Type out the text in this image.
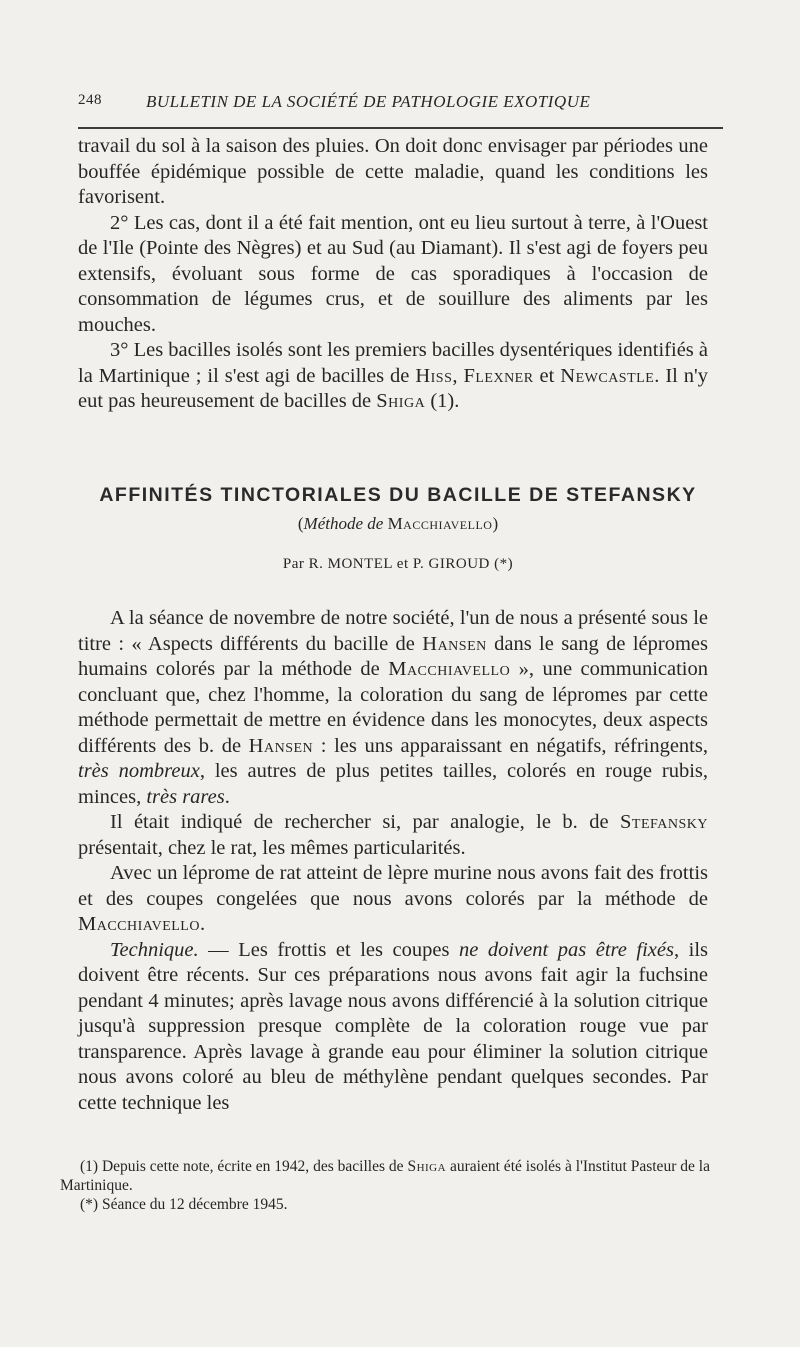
248	BULLETIN DE LA SOCIÉTÉ DE PATHOLOGIE EXOTIQUE

travail du sol à la saison des pluies. On doit donc envisager par périodes une bouffée épidémique possible de cette maladie, quand les conditions les favorisent.

2° Les cas, dont il a été fait mention, ont eu lieu surtout à terre, à l'Ouest de l'Ile (Pointe des Nègres) et au Sud (au Diamant). Il s'est agi de foyers peu extensifs, évoluant sous forme de cas sporadiques à l'occasion de consommation de légumes crus, et de souillure des aliments par les mouches.

3° Les bacilles isolés sont les premiers bacilles dysentériques identifiés à la Martinique ; il s'est agi de bacilles de Hiss, Flexner et Newcastle. Il n'y eut pas heureusement de bacilles de Shiga (1).

AFFINITÉS TINCTORIALES DU BACILLE DE STEFANSKY
(Méthode de Macchiavello)
Par R. MONTEL et P. GIROUD (*)

A la séance de novembre de notre société, l'un de nous a présenté sous le titre : « Aspects différents du bacille de Hansen dans le sang de lépromes humains colorés par la méthode de Macchiavello », une communication concluant que, chez l'homme, la coloration du sang de lépromes par cette méthode permettait de mettre en évidence dans les monocytes, deux aspects différents des b. de Hansen : les uns apparaissant en négatifs, réfringents, très nombreux, les autres de plus petites tailles, colorés en rouge rubis, minces, très rares.

Il était indiqué de rechercher si, par analogie, le b. de Stefansky présentait, chez le rat, les mêmes particularités.

Avec un léprome de rat atteint de lèpre murine nous avons fait des frottis et des coupes congelées que nous avons colorés par la méthode de Macchiavello.

Technique. — Les frottis et les coupes ne doivent pas être fixés, ils doivent être récents. Sur ces préparations nous avons fait agir la fuchsine pendant 4 minutes; après lavage nous avons différencié à la solution citrique jusqu'à suppression presque complète de la coloration rouge vue par transparence. Après lavage à grande eau pour éliminer la solution citrique nous avons coloré au bleu de méthylène pendant quelques secondes. Par cette technique les

(1) Depuis cette note, écrite en 1942, des bacilles de Shiga auraient été isolés à l'Institut Pasteur de la Martinique.

(*) Séance du 12 décembre 1945.
